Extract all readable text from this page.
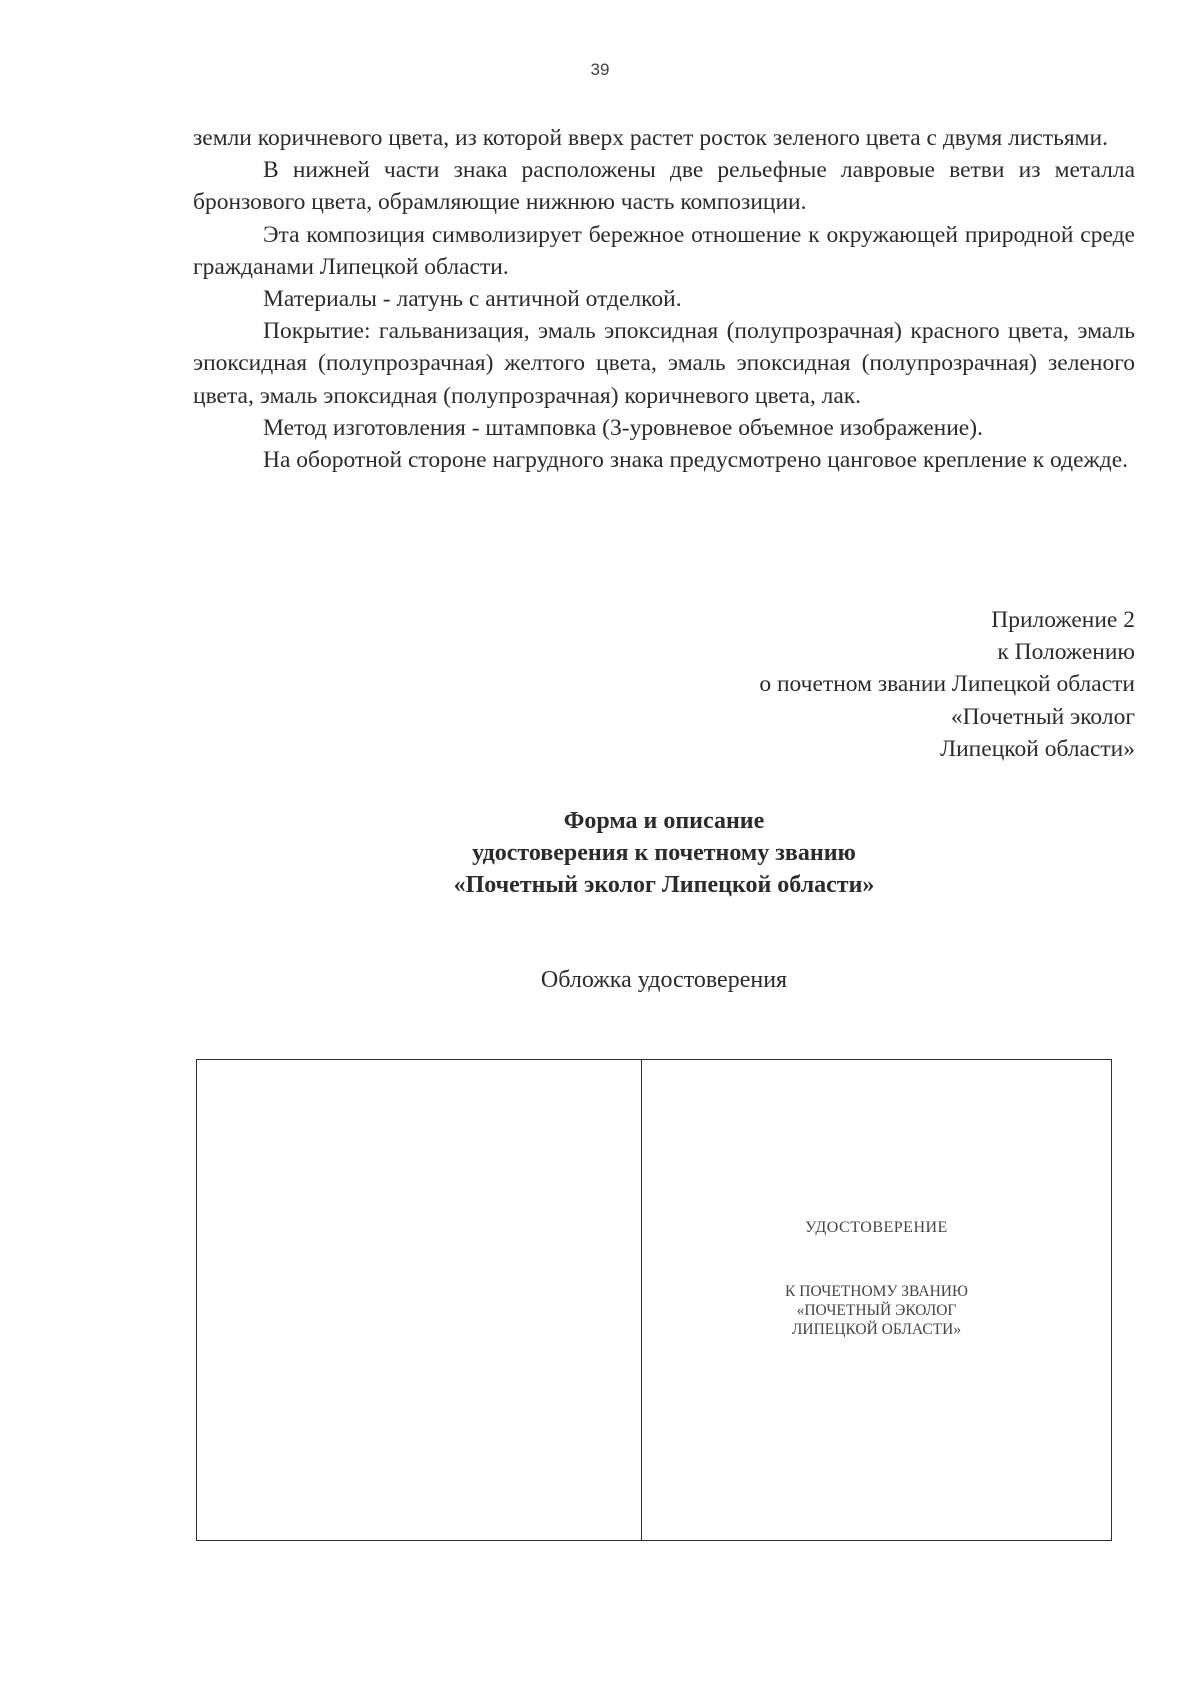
39

земли коричневого цвета, из которой вверх растет росток зеленого цвета с двумя листьями.

В нижней части знака расположены две рельефные лавровые ветви из металла бронзового цвета, обрамляющие нижнюю часть композиции.

Эта композиция символизирует бережное отношение к окружающей природной среде гражданами Липецкой области.

Материалы - латунь с античной отделкой.

Покрытие: гальванизация, эмаль эпоксидная (полупрозрачная) красного цвета, эмаль эпоксидная (полупрозрачная) желтого цвета, эмаль эпоксидная (полупрозрачная) зеленого цвета, эмаль эпоксидная (полупрозрачная) коричневого цвета, лак.

Метод изготовления - штамповка (3-уровневое объемное изображение).

На оборотной стороне нагрудного знака предусмотрено цанговое крепление к одежде.

Приложение 2
к Положению
о почетном звании Липецкой области
«Почетный эколог
Липецкой области»
Форма и описание
удостоверения к почетному званию
«Почетный эколог Липецкой области»
Обложка удостоверения
УДОСТОВЕРЕНИЕ
К ПОЧЕТНОМУ ЗВАНИЮ
«ПОЧЕТНЫЙ ЭКОЛОГ
ЛИПЕЦКОЙ ОБЛАСТИ»
